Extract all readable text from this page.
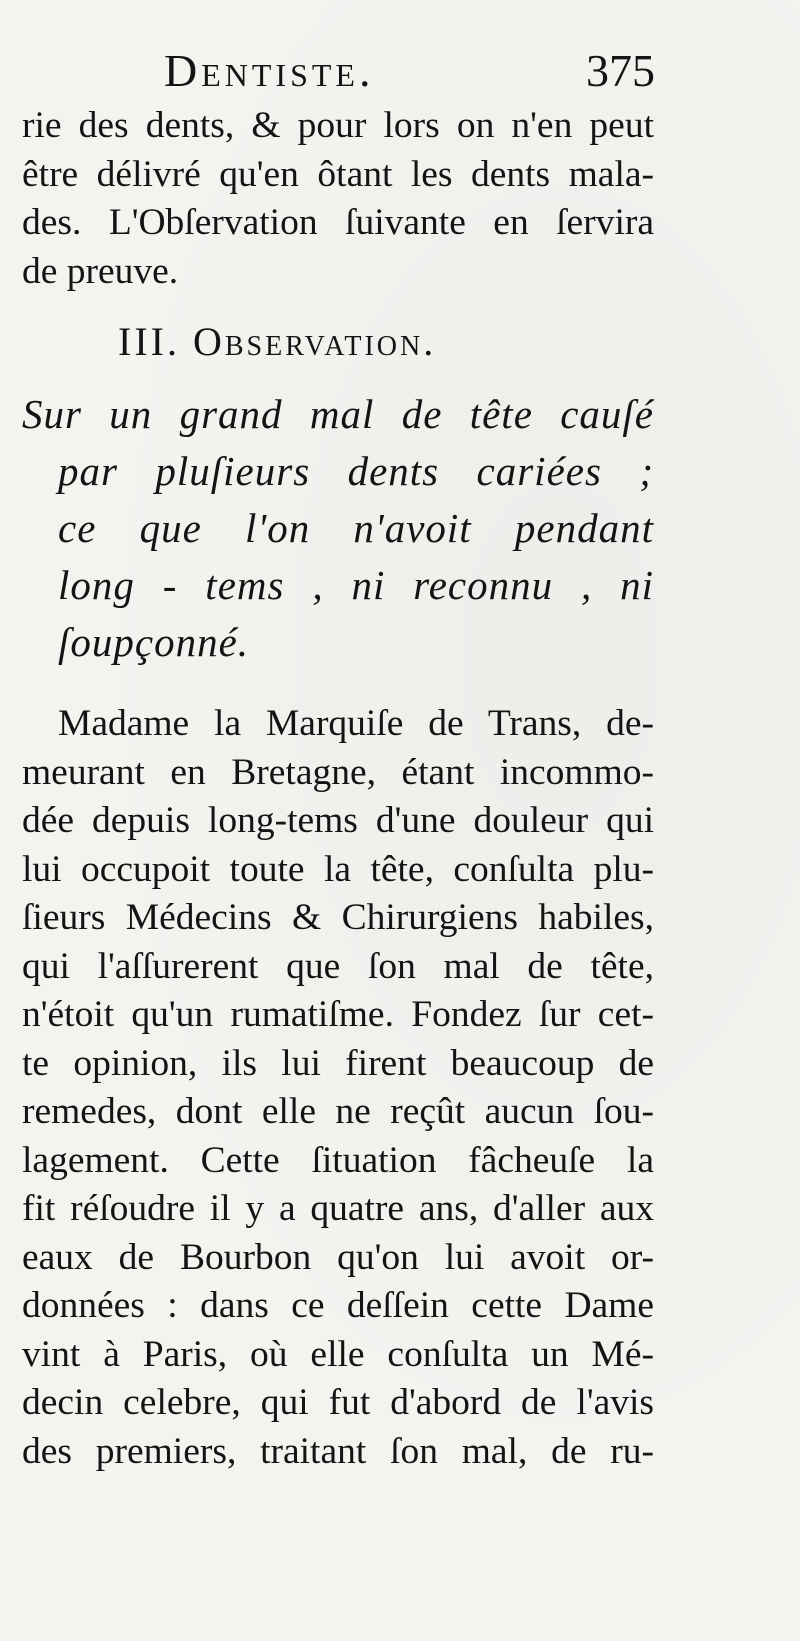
Dentiste.	375
rie des dents, & pour lors on n'en peut
être délivré qu'en ôtant les dents mala-
des. L'Obſervation ſuivante en ſervira
de preuve.
III. Observation.
Sur un grand mal de tête cauſé
par pluſieurs dents cariées ;
ce que l'on n'avoit pendant
long - tems , ni reconnu , ni
ſoupçonné.
Madame la Marquiſe de Trans, de-
meurant en Bretagne, étant incommo-
dée depuis long-tems d'une douleur qui
lui occupoit toute la tête, conſulta plu-
ſieurs Médecins & Chirurgiens habiles,
qui l'aſſurerent que ſon mal de tête,
n'étoit qu'un rumatiſme. Fondez ſur cet-
te opinion, ils lui firent beaucoup de
remedes, dont elle ne reçût aucun ſou-
lagement. Cette ſituation fâcheuſe la
fit réſoudre il y a quatre ans, d'aller aux
eaux de Bourbon qu'on lui avoit or-
données : dans ce deſſein cette Dame
vint à Paris, où elle conſulta un Mé-
decin celebre, qui fut d'abord de l'avis
des premiers, traitant ſon mal, de ru-
